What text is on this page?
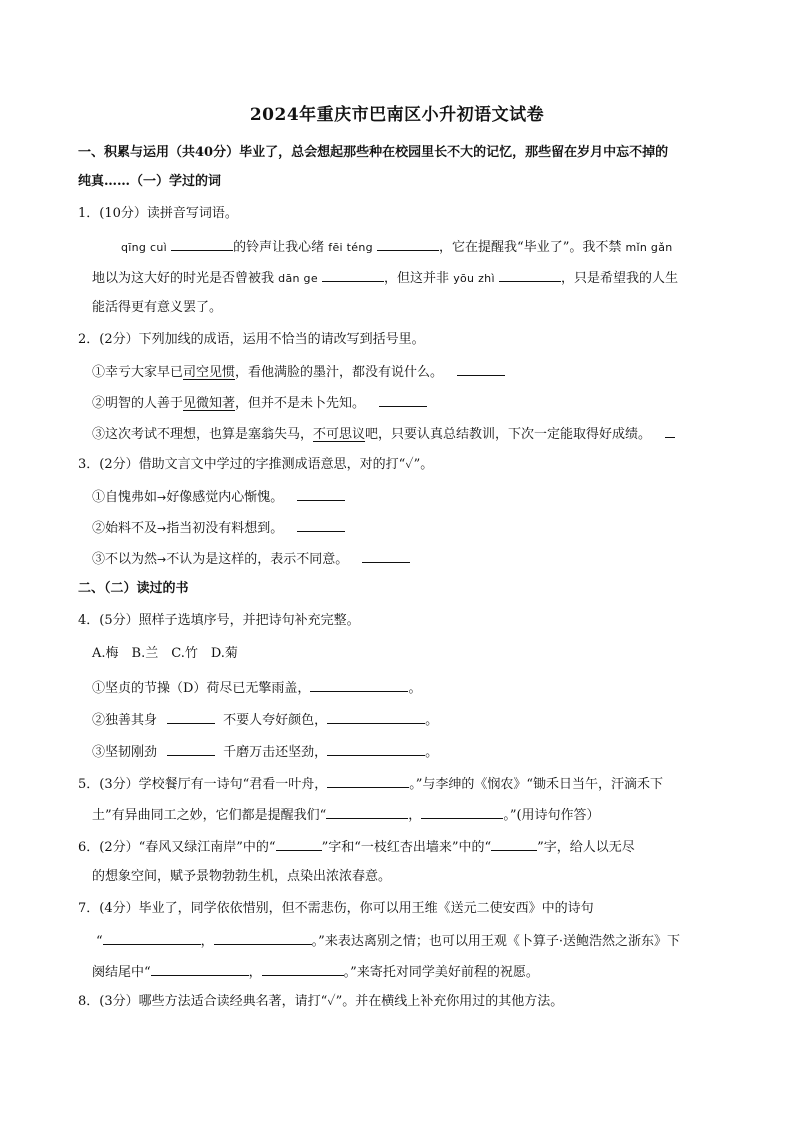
2024年重庆市巴南区小升初语文试卷
一、积累与运用（共40分）毕业了，总会想起那些种在校园里长不大的记忆，那些留在岁月中忘不掉的
纯真……（一）学过的词
1．(10分）读拼音写词语。
qīng cuì	的铃声让我心绪 fēi téng	，它在提醒我“毕业了”。我不禁 mǐn gǎn
地以为这大好的时光是否曾被我 dān ge	，但这并非 yōu zhì	，只是希望我的人生
能活得更有意义罢了。
2．(2分）下列加线的成语，运用不恰当的请改写到括号里。
①幸亏大家早已司空见惯，看他满脸的墨汁，都没有说什么。
②明智的人善于见微知著，但并不是未卜先知。
③这次考试不理想，也算是塞翁失马，不可思议吧，只要认真总结教训，下次一定能取得好成绩。
3．(2分）借助文言文中学过的字推测成语意思，对的打“✓”。
①自愧弗如→好像感觉内心惭愧。
②始料不及→指当初没有料想到。
③不以为然→不认为是这样的，表示不同意。
二、（二）读过的书
4．(5分）照样子选填序号，并把诗句补充完整。
A.梅　B.兰　C.竹　D.菊
①坚贞的节操（D）荷尽已无擎雨盖，	。
②独善其身	不要人夸好颜色，	。
③坚韧刚劲	千磨万击还坚劲，	。
5．(3分）学校餐厅有一诗句“君看一叶舟，	。”与李绅的《悯农》“锄禾日当午，汗滴禾下
土”有异曲同工之妙，它们都是提醒我们“	，	。”(用诗句作答）
6．(2分）“春风又绿江南岸”中的“	”字和“一枝红杏出墙来”中的“	”字，给人以无尽
的想象空间，赋予景物勃勃生机，点染出浓浓春意。
7．(4分）毕业了，同学依依惜别，但不需悲伤，你可以用王维《送元二使安西》中的诗句
“	，	。”来表达离别之情；也可以用王观《卜算子·送鲍浩然之浙东》下
阕结尾中“	，	。”来寄托对同学美好前程的祝愿。
8．(3分）哪些方法适合读经典名著，请打“✓”。并在横线上补充你用过的其他方法。
